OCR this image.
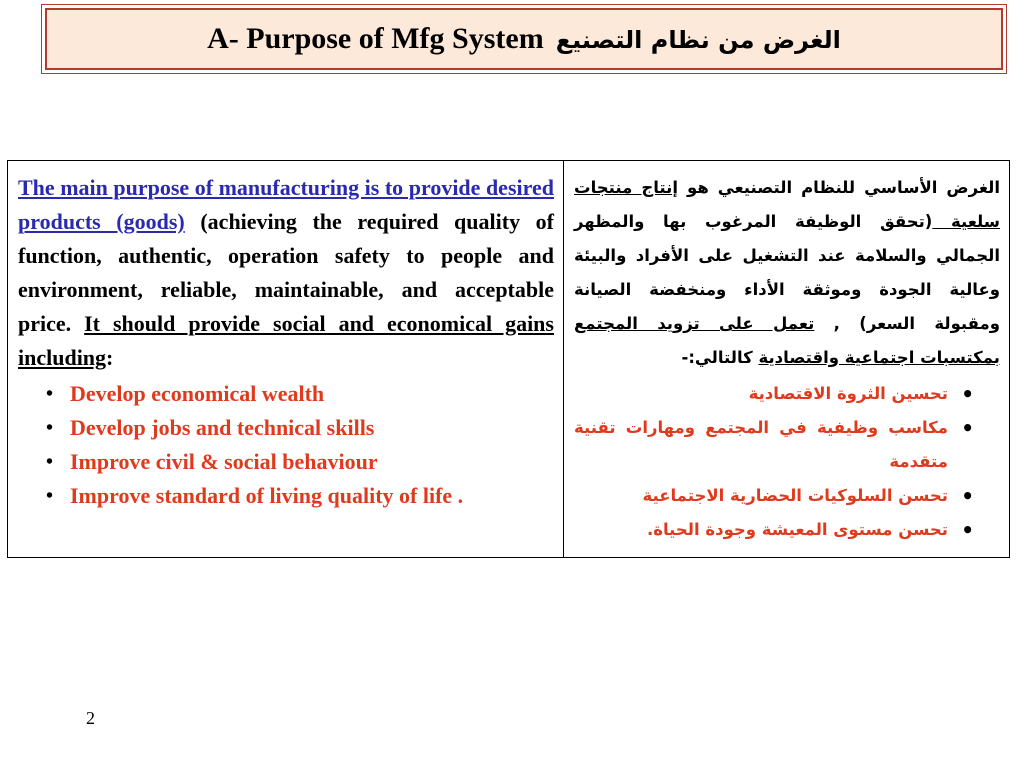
A- Purpose of Mfg System الغرض من نظام التصنيع

The main purpose of manufacturing is to provide desired products (goods) (achieving the required quality of function, authentic, operation safety to people and environment, reliable, maintainable, and acceptable price. It should provide social and economical gains including:

• Develop economical wealth
• Develop jobs and technical skills
• Improve civil & social behaviour
• Improve standard of living quality of life .

الغرض الأساسي للنظام التصنيعي هو إنتاج منتجات سلعية (تحقق الوظيفة المرغوب بها والمظهر الجمالي والسلامة عند التشغيل على الأفراد والبيئة وعالية الجودة وموثقة الأداء ومنخفضة الصيانة ومقبولة السعر) , تعمل على تزويد المجتمع بمكتسبات اجتماعية واقتصادية كالتالي:-

•
تحسين الثروة الاقتصادية
•
مكاسب وظيفية في المجتمع ومهارات تقنية متقدمة
•
تحسن السلوكيات الحضارية الاجتماعية
•
تحسن مستوى المعيشة وجودة الحياة.
2
